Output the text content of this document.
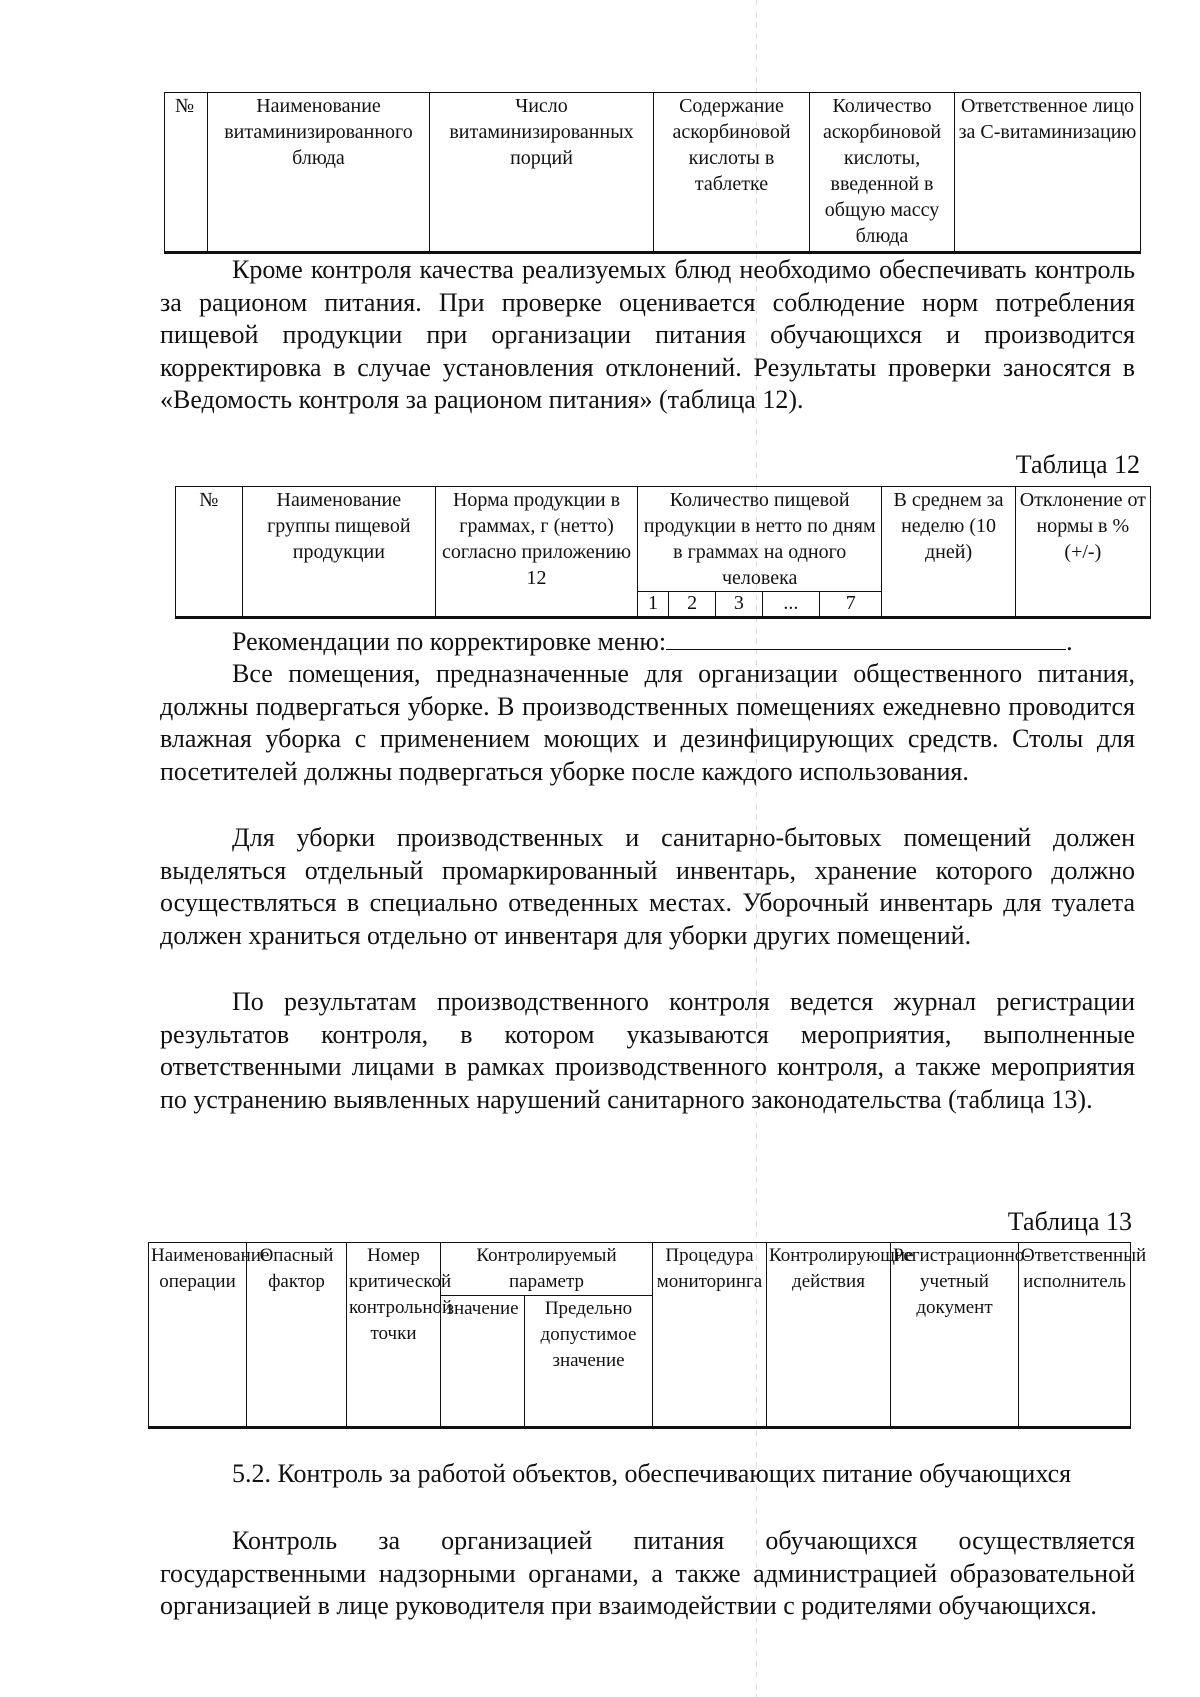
№	Наименование витаминизированного блюда	Число витаминизированных порций	Содержание аскорбиновой кислоты в таблетке	Количество аскорбиновой кислоты, введенной в общую массу блюда	Ответственное лицо за С-витаминизацию

Кроме контроля качества реализуемых блюд необходимо обеспечивать контроль за рационом питания. При проверке оценивается соблюдение норм потребления пищевой продукции при организации питания обучающихся и производится корректировка в случае установления отклонений. Результаты проверки заносятся в «Ведомость контроля за рационом питания» (таблица 12).

Таблица 12
№	Наименование группы пищевой продукции	Норма продукции в граммах, г (нетто) согласно приложению 12	Количество пищевой продукции в нетто по дням в граммах на одного человека					В среднем за неделю (10 дней)	Отклонение от нормы в % (+/-)
			1	2	3	...	7		

Рекомендации по корректировке меню:	.

Все помещения, предназначенные для организации общественного питания, должны подвергаться уборке. В производственных помещениях ежедневно проводится влажная уборка с применением моющих и дезинфицирующих средств. Столы для посетителей должны подвергаться уборке после каждого использования.

Для уборки производственных и санитарно-бытовых помещений должен выделяться отдельный промаркированный инвентарь, хранение которого должно осуществляться в специально отведенных местах. Уборочный инвентарь для туалета должен храниться отдельно от инвентаря для уборки других помещений.

По результатам производственного контроля ведется журнал регистрации результатов контроля, в котором указываются мероприятия, выполненные ответственными лицами в рамках производственного контроля, а также мероприятия по устранению выявленных нарушений санитарного законодательства (таблица 13).

Таблица 13
Наименование операции	Опасный фактор	Номер критической контрольной точки	Контролируемый параметр		Процедура мониторинга	Контролирующие действия	Регистрационно-учетный документ	Ответственный исполнитель
			значение	Предельно допустимое значение				

5.2. Контроль за работой объектов, обеспечивающих питание обучающихся

Контроль за организацией питания обучающихся осуществляется государственными надзорными органами, а также администрацией образовательной организацией в лице руководителя при взаимодействии с родителями обучающихся.
